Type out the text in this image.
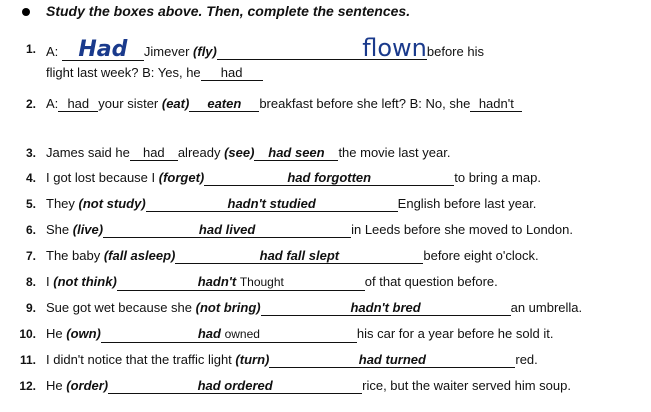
Study the boxes above. Then, complete the sentences.
1. A: Had Jimever (fly)	flownbefore his
flight last week? B: Yes, he had
2. A: had your sister (eat) eaten breakfast before she left? B: No, she hadn't
3. James said he had already (see) had seen the movie last year.
4. I got lost because I (forget)	had forgotten	to bring a map.
5. They (not study)	hadn't studied	English before last year.
6. She (live)	had lived	in Leeds before she moved to London.
7. The baby (fall asleep)	had fall slept	before eight o'clock.
8. I (not think)	hadn't Thought	of that question before.
9. Sue got wet because she (not bring)	hadn't bred	an umbrella.
10. He (own)	had owned	his car for a year before he sold it.
11. I didn't notice that the traffic light (turn)	had turned	red.
12. He (order)	had ordered	rice, but the waiter served him soup.
